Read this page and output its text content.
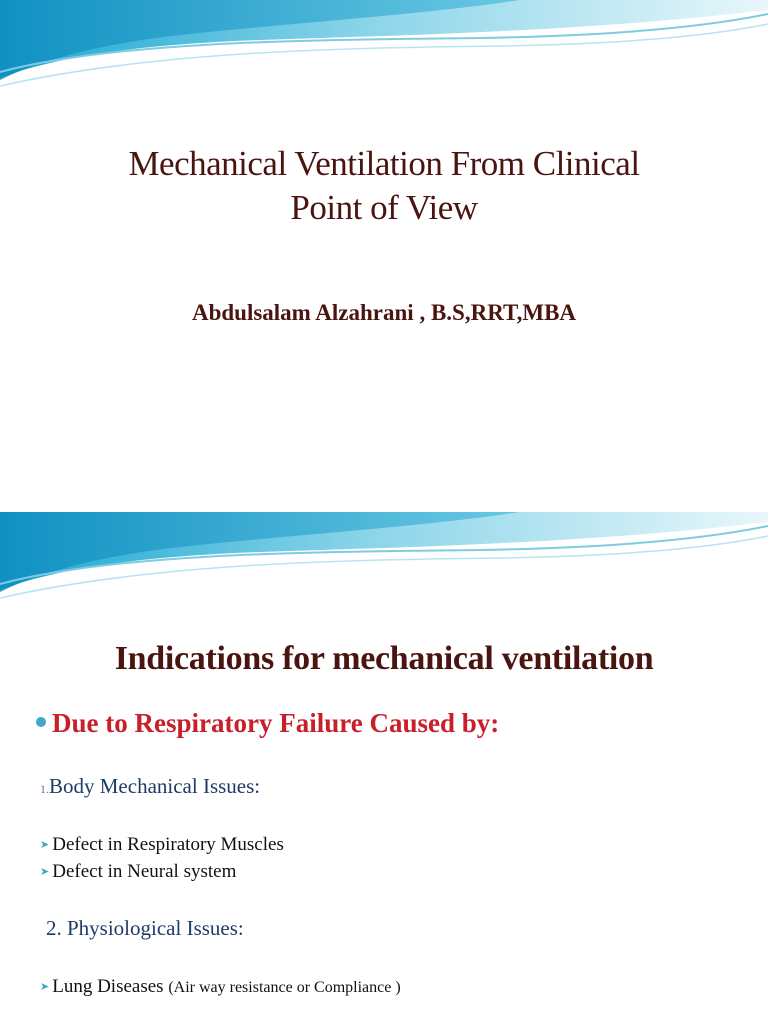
Mechanical Ventilation From Clinical
Point of View
Abdulsalam Alzahrani , B.S,RRT,MBA
Indications for mechanical ventilation
Due to Respiratory Failure Caused by:
1.Body Mechanical Issues:
➤ Defect in Respiratory Muscles
➤ Defect in Neural system
2. Physiological Issues:
➤ Lung Diseases (Air way resistance or Compliance )
